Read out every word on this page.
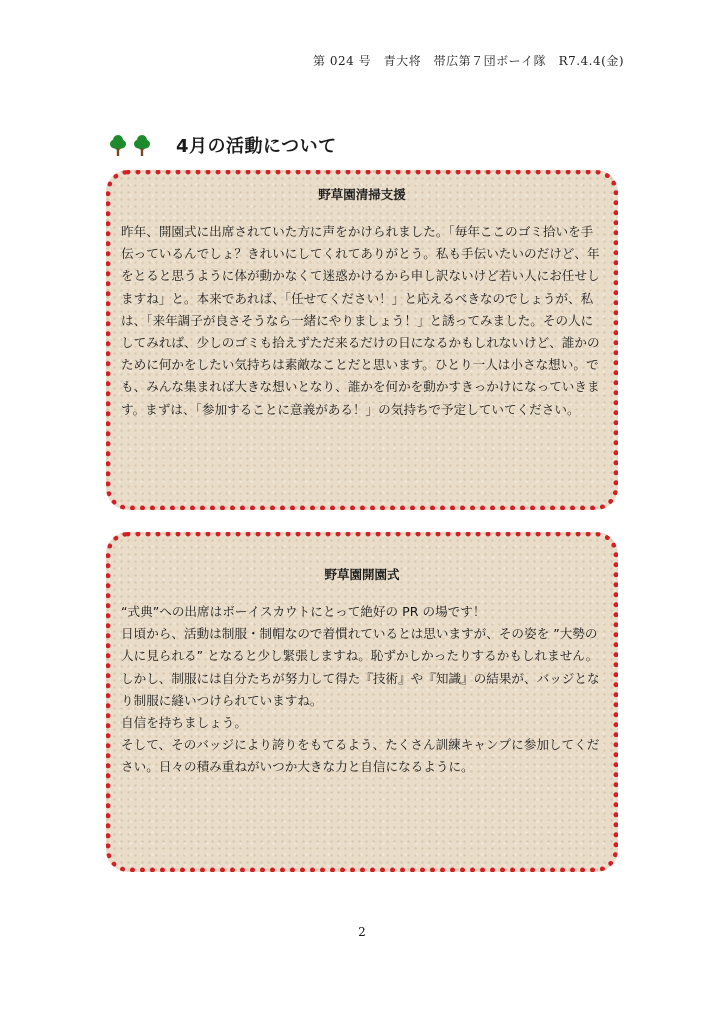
第 024 号　青大将　帯広第７団ボーイ隊　R7.4.4(金)
4月の活動について
野草園清掃支援
昨年、開園式に出席されていた方に声をかけられました。「毎年ここのゴミ拾いを手伝っているんでしょ？きれいにしてくれてありがとう。私も手伝いたいのだけど、年をとると思うように体が動かなくて迷惑かけるから申し訳ないけど若い人にお任せしますね」と。本来であれば、「任せてください！」と応えるべきなのでしょうが、私は、「来年調子が良さそうなら一緒にやりましょう！」と誘ってみました。その人にしてみれば、少しのゴミも拾えずただ来るだけの日になるかもしれないけど、誰かのために何かをしたい気持ちは素敵なことだと思います。ひとり一人は小さな想い。でも、みんな集まれば大きな想いとなり、誰かを何かを動かすきっかけになっていきます。まずは、「参加することに意義がある！」の気持ちで予定していてください。
野草園開園式
“式典”への出席はボーイスカウトにとって絶好の PR の場です！
日頃から、活動は制服・制帽なので着慣れているとは思いますが、その姿を ”大勢の人に見られる” となると少し緊張しますね。恥ずかしかったりするかもしれません。しかし、制服には自分たちが努力して得た『技術』や『知識』の結果が、バッジとなり制服に縫いつけられていますね。
自信を持ちましょう。
そして、そのバッジにより誇りをもてるよう、たくさん訓練キャンプに参加してください。日々の積み重ねがいつか大きな力と自信になるように。
2
